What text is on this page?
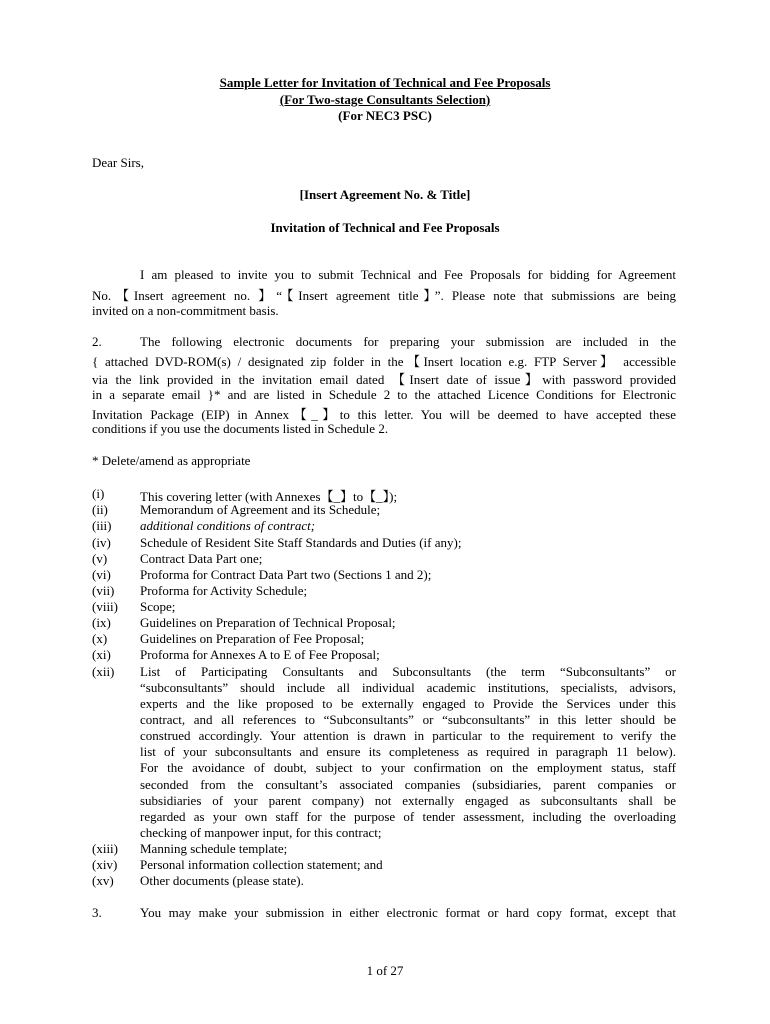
Sample Letter for Invitation of Technical and Fee Proposals
(For Two-stage Consultants Selection)
(For NEC3 PSC)
Dear Sirs,
[Insert Agreement No. & Title]
Invitation of Technical and Fee Proposals
I am pleased to invite you to submit Technical and Fee Proposals for bidding for Agreement
No.【Insert agreement no. 】“【Insert agreement title】”. Please note that submissions are being
invited on a non-commitment basis.
2.	The following electronic documents for preparing your submission are included in the
{ attached DVD-ROM(s) / designated zip folder in the【Insert location e.g. FTP Server】 accessible
via the link provided in the invitation email dated 【Insert date of issue】with password provided
in a separate email }* and are listed in Schedule 2 to the attached Licence Conditions for Electronic
Invitation Package (EIP) in Annex【_】to this letter. You will be deemed to have accepted these
conditions if you use the documents listed in Schedule 2.
* Delete/amend as appropriate
(i)	This covering letter (with Annexes【_】to【_】);
(ii) Memorandum of Agreement and its Schedule;
(iii) additional conditions of contract;
(iv) Schedule of Resident Site Staff Standards and Duties (if any);
(v)	Contract Data Part one;
(vi) Proforma for Contract Data Part two (Sections 1 and 2);
(vii) Proforma for Activity Schedule;
(viii) Scope;
(ix) Guidelines on Preparation of Technical Proposal;
(x)	Guidelines on Preparation of Fee Proposal;
(xi) Proforma for Annexes A to E of Fee Proposal;
(xii) List of Participating Consultants and Subconsultants (the term “Subconsultants” or
“subconsultants” should include all individual academic institutions, specialists, advisors,
experts and the like proposed to be externally engaged to Provide the Services under this
contract, and all references to “Subconsultants” or “subconsultants” in this letter should be
construed accordingly. Your attention is drawn in particular to the requirement to verify the
list of your subconsultants and ensure its completeness as required in paragraph 11 below).
For the avoidance of doubt, subject to your confirmation on the employment status, staff
seconded from the consultant’s associated companies (subsidiaries, parent companies or
subsidiaries of your parent company) not externally engaged as subconsultants shall be
regarded as your own staff for the purpose of tender assessment, including the overloading
checking of manpower input, for this contract;
(xiii) Manning schedule template;
(xiv) Personal information collection statement; and
(xv) Other documents (please state).
3.	You may make your submission in either electronic format or hard copy format, except that
1 of 27
